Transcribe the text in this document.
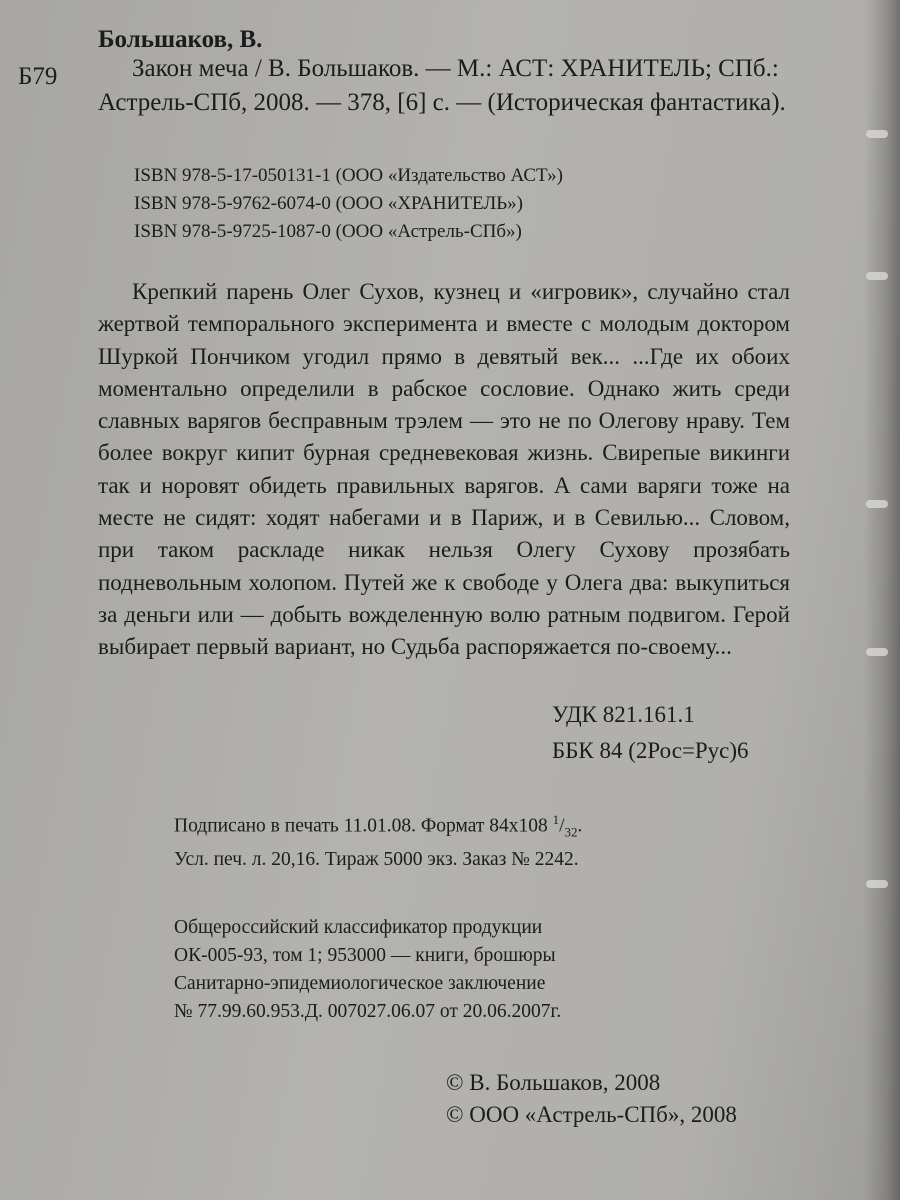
Б79
Большаков, В.

Закон меча / В. Большаков. — М.: АСТ: ХРАНИТЕЛЬ; СПб.: Астрель-СПб, 2008. — 378, [6] с. — (Историческая фантастика).

ISBN 978-5-17-050131-1 (ООО «Издательство АСТ»)
ISBN 978-5-9762-6074-0 (ООО «ХРАНИТЕЛЬ»)
ISBN 978-5-9725-1087-0 (ООО «Астрель-СПб»)

Крепкий парень Олег Сухов, кузнец и «игровик», случайно стал жертвой темпорального эксперимента и вместе с молодым доктором Шуркой Пончиком угодил прямо в девятый век... ...Где их обоих моментально определили в рабское сословие. Однако жить среди славных варягов бесправным трэлем — это не по Олегову нраву. Тем более вокруг кипит бурная средневековая жизнь. Свирепые викинги так и норовят обидеть правильных варягов. А сами варяги тоже на месте не сидят: ходят набегами и в Париж, и в Севилью... Словом, при таком раскладе никак нельзя Олегу Сухову прозябать подневольным холопом. Путей же к свободе у Олега два: выкупиться за деньги или — добыть вожделенную волю ратным подвигом. Герой выбирает первый вариант, но Судьба распоряжается по-своему...

УДК 821.161.1
ББК 84 (2Рос=Рус)6
Подписано в печать 11.01.08. Формат 84x108 $^1/_{32}$.
Усл. печ. л. 20,16. Тираж 5000 экз. Заказ № 2242.
Общероссийский классификатор продукции
ОК-005-93, том 1; 953000 — книги, брошюры
Санитарно-эпидемиологическое заключение
№ 77.99.60.953.Д. 007027.06.07 от 20.06.2007г.
© В. Большаков, 2008
© ООО «Астрель-СПб», 2008
